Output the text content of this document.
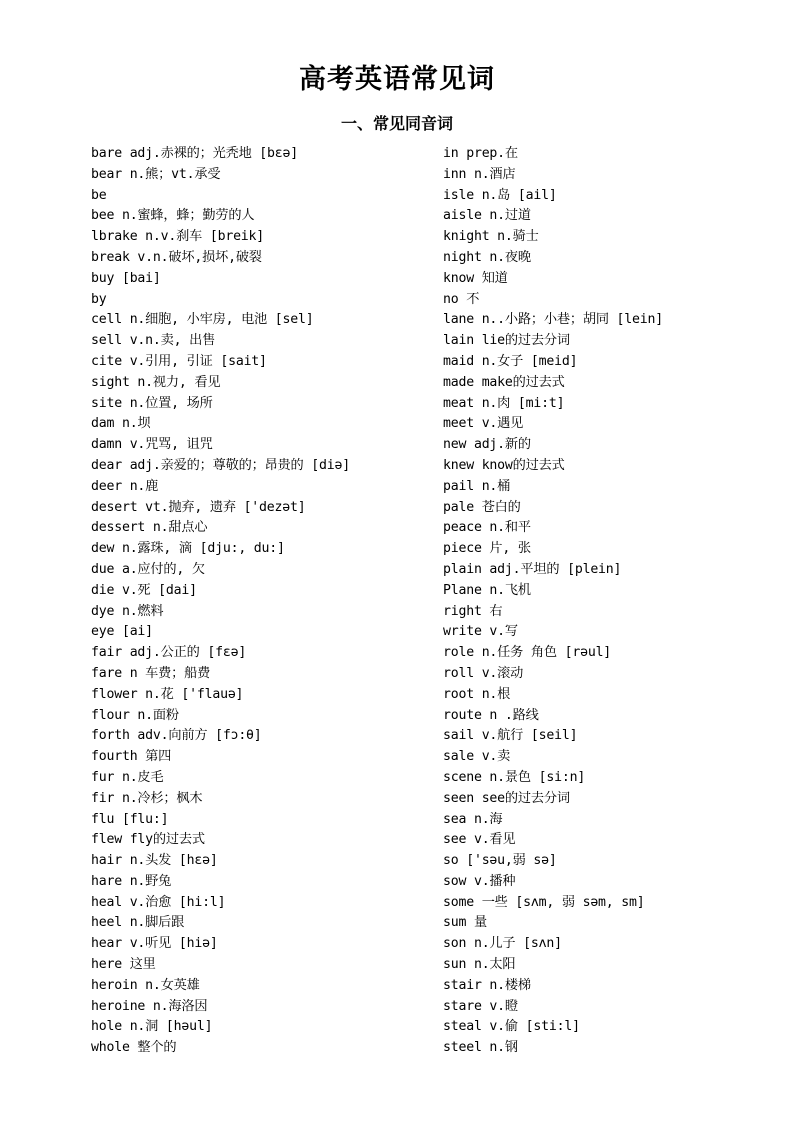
高考英语常见词
一、常见同音词
bare adj.赤裸的；光秃地 [bɛə]
bear n.熊；vt.承受
be
bee n.蜜蜂，蜂；勤劳的人
lbrake n.v.刹车 [breik]
break v.n.破坏,损坏,破裂
buy [bai]
by
cell n.细胞, 小牢房, 电池 [sel]
sell v.n.卖, 出售
cite v.引用, 引证 [sait]
sight n.视力, 看见
site n.位置, 场所
dam n.坝
damn v.咒骂, 诅咒
dear adj.亲爱的；尊敬的；昂贵的 [diə]
deer n.鹿
desert vt.抛弃, 遗弃 ['dezət]
dessert n.甜点心
dew n.露珠, 滴 [dju:, du:]
due a.应付的, 欠
die v.死 [dai]
dye n.燃料
eye [ai]
fair adj.公正的 [fɛə]
fare n 车费；船费
flower n.花 ['flauə]
flour n.面粉
forth adv.向前方 [fɔ:θ]
fourth 第四
fur n.皮毛
fir n.冷杉；枫木
flu [flu:]
flew fly的过去式
hair n.头发 [hɛə]
hare n.野兔
heal v.治愈 [hi:l]
heel n.脚后跟
hear v.听见 [hiə]
here 这里
heroin n.女英雄
heroine n.海洛因
hole n.洞 [həul]
whole 整个的
in prep.在
inn n.酒店
isle n.岛 [ail]
aisle n.过道
knight n.骑士
night n.夜晚
know 知道
no 不
lane n..小路；小巷；胡同 [lein]
lain lie的过去分词
maid n.女子 [meid]
made make的过去式
meat n.肉 [mi:t]
meet v.遇见
new adj.新的
knew know的过去式
pail n.桶
pale 苍白的
peace n.和平
piece 片, 张
plain adj.平坦的 [plein]
Plane n.飞机
right 右
write v.写
role n.任务 角色 [rəul]
roll v.滚动
root n.根
route n .路线
sail v.航行 [seil]
sale v.卖
scene n.景色 [si:n]
seen see的过去分词
sea n.海
see v.看见
so ['səu,弱 sə]
sow v.播种
some 一些 [sʌm, 弱 səm, sm]
sum 量
son n.儿子 [sʌn]
sun n.太阳
stair n.楼梯
stare v.瞪
steal v.偷 [sti:l]
steel n.钢
